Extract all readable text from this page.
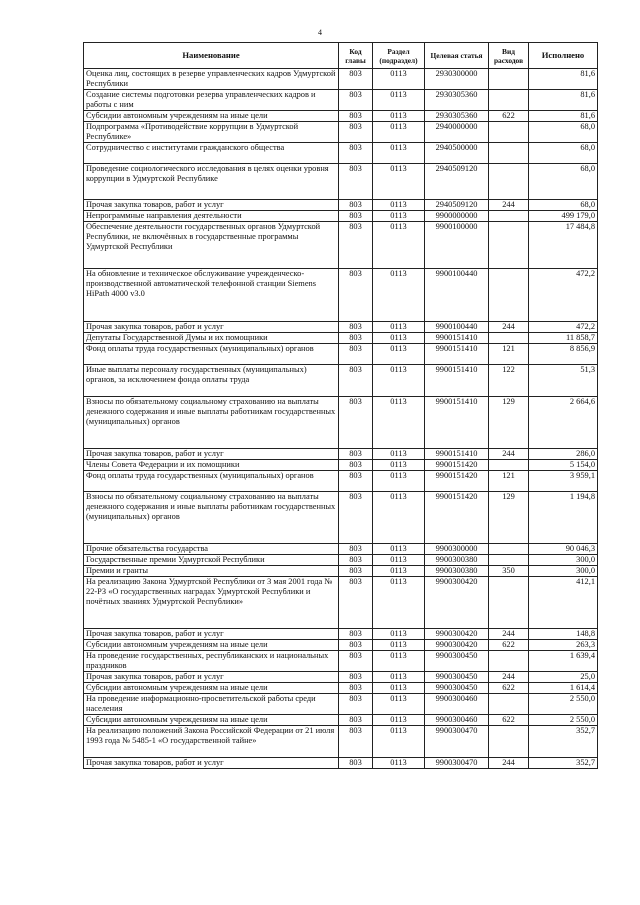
4
Наименование	Код главы	Раздел (подраздел)	Целевая статья	Вид расходов	Исполнено
Оценка лиц, состоящих в резерве управленческих кадров Удмуртской Республики	803	0113	2930300000		81,6
Создание системы подготовки резерва управленческих кадров и работы с ним	803	0113	2930305360		81,6
Субсидии автономным учреждениям на иные цели	803	0113	2930305360	622	81,6
Подпрограмма «Противодействие коррупции в Удмуртской Республике»	803	0113	2940000000		68,0
Сотрудничество с институтами гражданского общества	803	0113	2940500000		68,0
Проведение социологического исследования в целях оценки уровня коррупции в Удмуртской Республике	803	0113	2940509120		68,0
Прочая закупка товаров, работ и услуг	803	0113	2940509120	244	68,0
Непрограммные направления деятельности	803	0113	9900000000		499 179,0
Обеспечение деятельности государственных органов Удмуртской Республики, не включённых в государственные программы Удмуртской Республики	803	0113	9900100000		17 484,8
На обновление и техническое обслуживание учрежденческо-производственной автоматической телефонной станции Siemens HiPath 4000 v3.0	803	0113	9900100440		472,2
Прочая закупка товаров, работ и услуг	803	0113	9900100440	244	472,2
Депутаты Государственной Думы и их помощники	803	0113	9900151410		11 858,7
Фонд оплаты труда государственных (муниципальных) органов	803	0113	9900151410	121	8 856,9
Иные выплаты персоналу государственных (муниципальных) органов, за исключением фонда оплаты труда	803	0113	9900151410	122	51,3
Взносы по обязательному социальному страхованию на выплаты денежного содержания и иные выплаты работникам государственных (муниципальных) органов	803	0113	9900151410	129	2 664,6
Прочая закупка товаров, работ и услуг	803	0113	9900151410	244	286,0
Члены Совета Федерации и их помощники	803	0113	9900151420		5 154,0
Фонд оплаты труда государственных (муниципальных) органов	803	0113	9900151420	121	3 959,1
Взносы по обязательному социальному страхованию на выплаты денежного содержания и иные выплаты работникам государственных (муниципальных) органов	803	0113	9900151420	129	1 194,8
Прочие обязательства государства	803	0113	9900300000		90 046,3
Государственные премии Удмуртской Республики	803	0113	9900300380		300,0
Премии и гранты	803	0113	9900300380	350	300,0
На реализацию Закона Удмуртской Республики от 3 мая 2001 года № 22-РЗ «О государственных наградах Удмуртской Республики и почётных званиях Удмуртской Республики»	803	0113	9900300420		412,1
Прочая закупка товаров, работ и услуг	803	0113	9900300420	244	148,8
Субсидии автономным учреждениям на иные цели	803	0113	9900300420	622	263,3
На проведение государственных, республиканских и национальных праздников	803	0113	9900300450		1 639,4
Прочая закупка товаров, работ и услуг	803	0113	9900300450	244	25,0
Субсидии автономным учреждениям на иные цели	803	0113	9900300450	622	1 614,4
На проведение информационно-просветительской работы среди населения	803	0113	9900300460		2 550,0
Субсидии автономным учреждениям на иные цели	803	0113	9900300460	622	2 550,0
На реализацию положений Закона Российской Федерации от 21 июля 1993 года № 5485-1 «О государственной тайне»	803	0113	9900300470		352,7
Прочая закупка товаров, работ и услуг	803	0113	9900300470	244	352,7
